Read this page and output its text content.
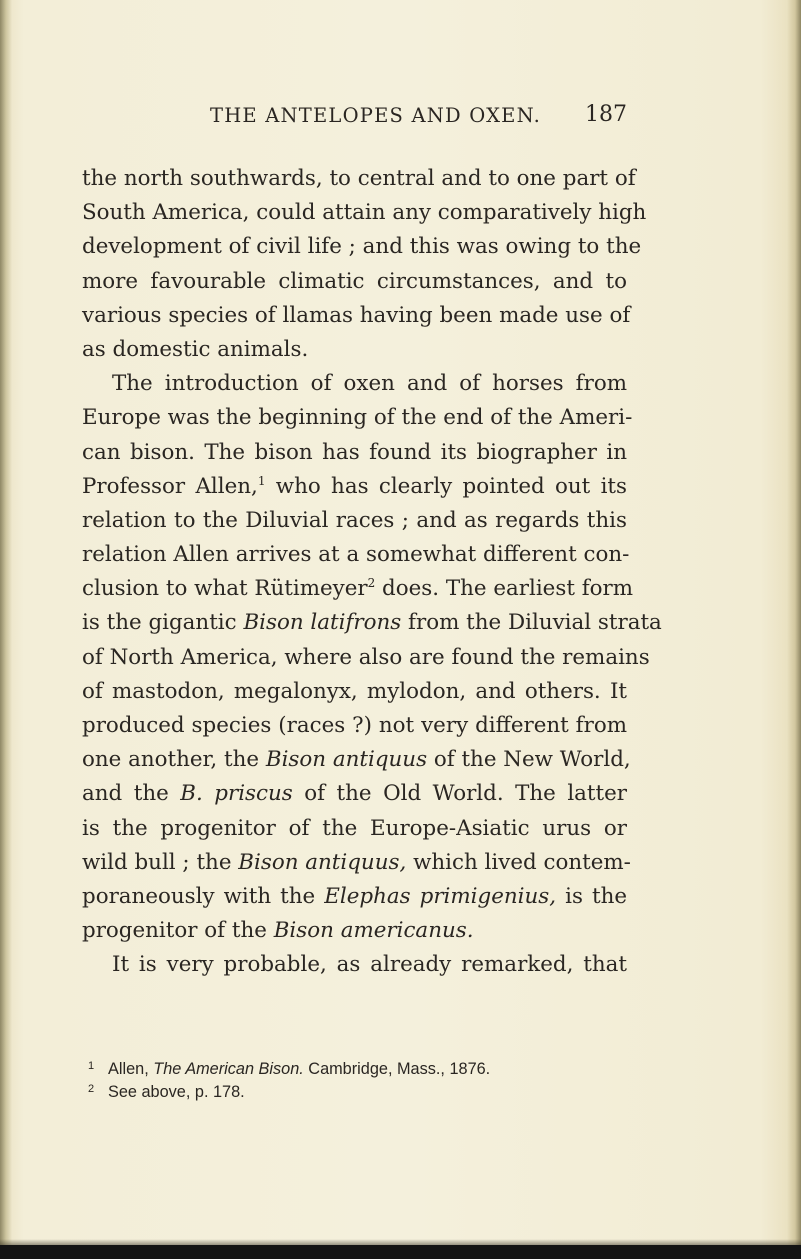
THE ANTELOPES AND OXEN. 187
the north southwards, to central and to one part of
South America, could attain any comparatively high
development of civil life ; and this was owing to the
more favourable climatic circumstances, and to
various species of llamas having been made use of
as domestic animals.
The introduction of oxen and of horses from
Europe was the beginning of the end of the Ameri-
can bison. The bison has found its biographer in
Professor Allen,$^1$ who has clearly pointed out its
relation to the Diluvial races ; and as regards this
relation Allen arrives at a somewhat different con-
clusion to what Rütimeyer$^2$ does. The earliest form
is the gigantic Bison latifrons from the Diluvial strata
of North America, where also are found the remains
of mastodon, megalonyx, mylodon, and others. It
produced species (races ?) not very different from
one another, the Bison antiquus of the New World,
and the B. priscus of the Old World. The latter
is the progenitor of the Europe-Asiatic urus or
wild bull ; the Bison antiquus, which lived contem-
poraneously with the Elephas primigenius, is the
progenitor of the Bison americanus.
It is very probable, as already remarked, that
1 Allen, The American Bison. Cambridge, Mass., 1876.
2 See above, p. 178.
